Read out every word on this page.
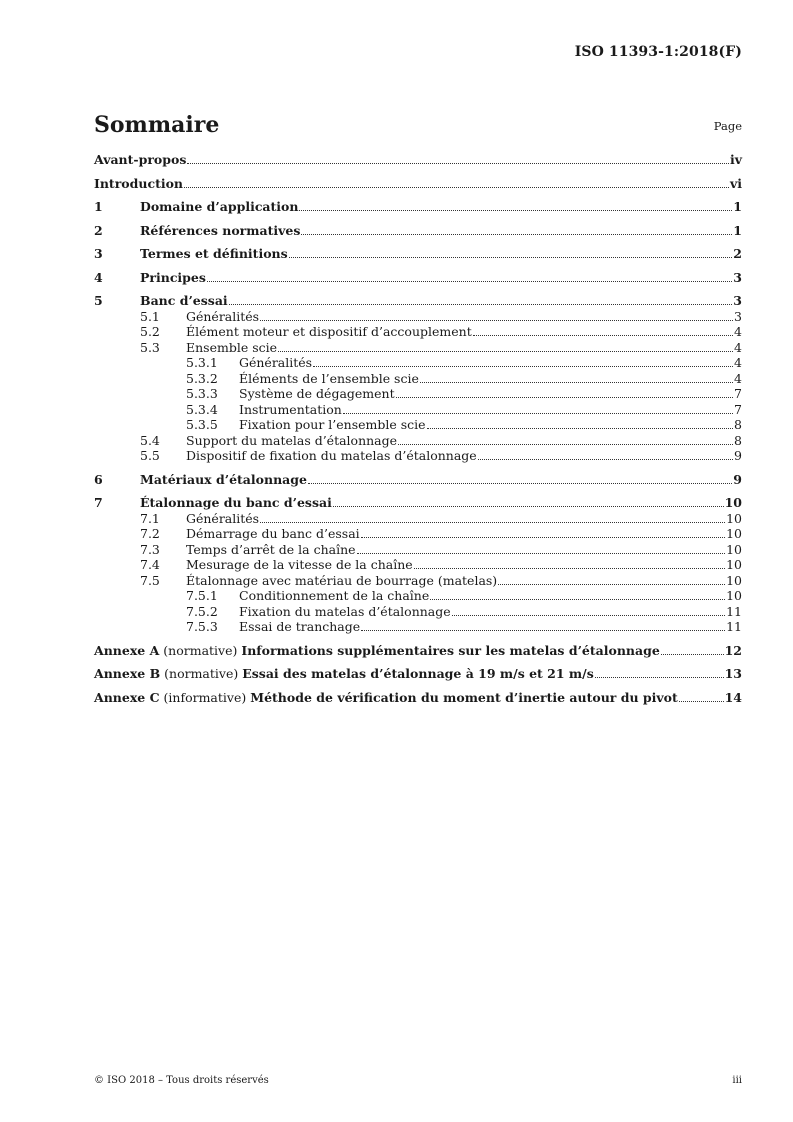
ISO 11393-1:2018(F)
Sommaire	Page
Avant-propos	iv
Introduction	vi
1	Domaine d’application	1
2	Références normatives	1
3	Termes et définitions	2
4	Principes	3
5	Banc d’essai	3
5.1	Généralités	3
5.2	Élément moteur et dispositif d’accouplement	4
5.3	Ensemble scie	4
5.3.1	Généralités	4
5.3.2	Éléments de l’ensemble scie	4
5.3.3	Système de dégagement	7
5.3.4	Instrumentation	7
5.3.5	Fixation pour l’ensemble scie	8
5.4	Support du matelas d’étalonnage	8
5.5	Dispositif de fixation du matelas d’étalonnage	9
6	Matériaux d’étalonnage	9
7	Étalonnage du banc d’essai	10
7.1	Généralités	10
7.2	Démarrage du banc d’essai	10
7.3	Temps d’arrêt de la chaîne	10
7.4	Mesurage de la vitesse de la chaîne	10
7.5	Étalonnage avec matériau de bourrage (matelas)	10
7.5.1	Conditionnement de la chaîne	10
7.5.2	Fixation du matelas d’étalonnage	11
7.5.3	Essai de tranchage	11
Annexe A (normative) Informations supplémentaires sur les matelas d’étalonnage	12
Annexe B (normative) Essai des matelas d’étalonnage à 19 m/s et 21 m/s	13
Annexe C (informative) Méthode de vérification du moment d’inertie autour du pivot	14
© ISO 2018 – Tous droits réservés	iii
